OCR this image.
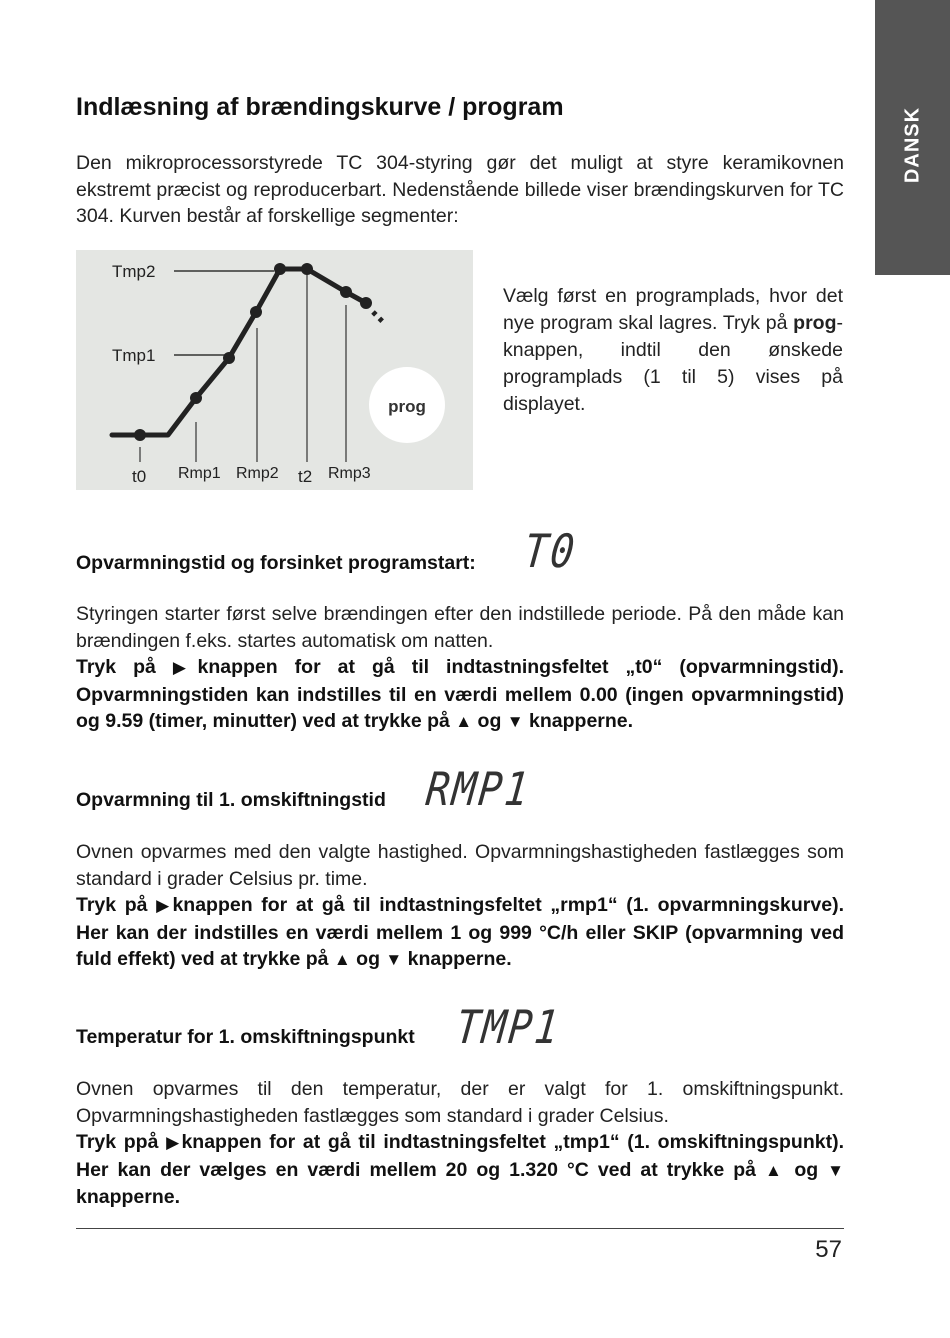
DANSK
Indlæsning af brændingskurve / program

Den mikroprocessorstyrede TC 304-styring gør det muligt at styre keramikovnen ekstremt præcist og reproducerbart. Nedenstående billede viser brændingskurven for TC 304. Kurven består af forskellige segmenter:

Tmp2
Tmp1
t0 Rmp1 Rmp2 t2 Rmp3
prog

Vælg først en programplads, hvor det nye program skal lagres. Tryk på prog-knappen, indtil den ønskede programplads (1 til 5) vises på displayet.

Opvarmningstid og forsinket programstart: T0

Styringen starter først selve brændingen efter den indstillede periode. På den måde kan brændingen f.eks. startes automatisk om natten.
Tryk på ▶knappen for at gå til indtastningsfeltet „t0“ (opvarmningstid). Opvarmningstiden kan indstilles til en værdi mellem 0.00 (ingen opvarmningstid) og 9.59 (timer, minutter) ved at trykke på ▲ og ▼ knapperne.

Opvarmning til 1. omskiftningstid RMP1

Ovnen opvarmes med den valgte hastighed. Opvarmningshastigheden fastlægges som standard i grader Celsius pr. time.
Tryk på ▶knappen for at gå til indtastningsfeltet „rmp1“ (1. opvarmningskurve). Her kan der indstilles en værdi mellem 1 og 999 °C/h eller SKIP (opvarmning ved fuld effekt) ved at trykke på ▲ og ▼ knapperne.

Temperatur for 1. omskiftningspunkt TMP1

Ovnen opvarmes til den temperatur, der er valgt for 1. omskiftningspunkt. Opvarmningshastigheden fastlægges som standard i grader Celsius.
Tryk ppå ▶knappen for at gå til indtastningsfeltet „tmp1“ (1. omskiftningspunkt). Her kan der vælges en værdi mellem 20 og 1.320 °C ved at trykke på ▲ og ▼ knapperne.

57
